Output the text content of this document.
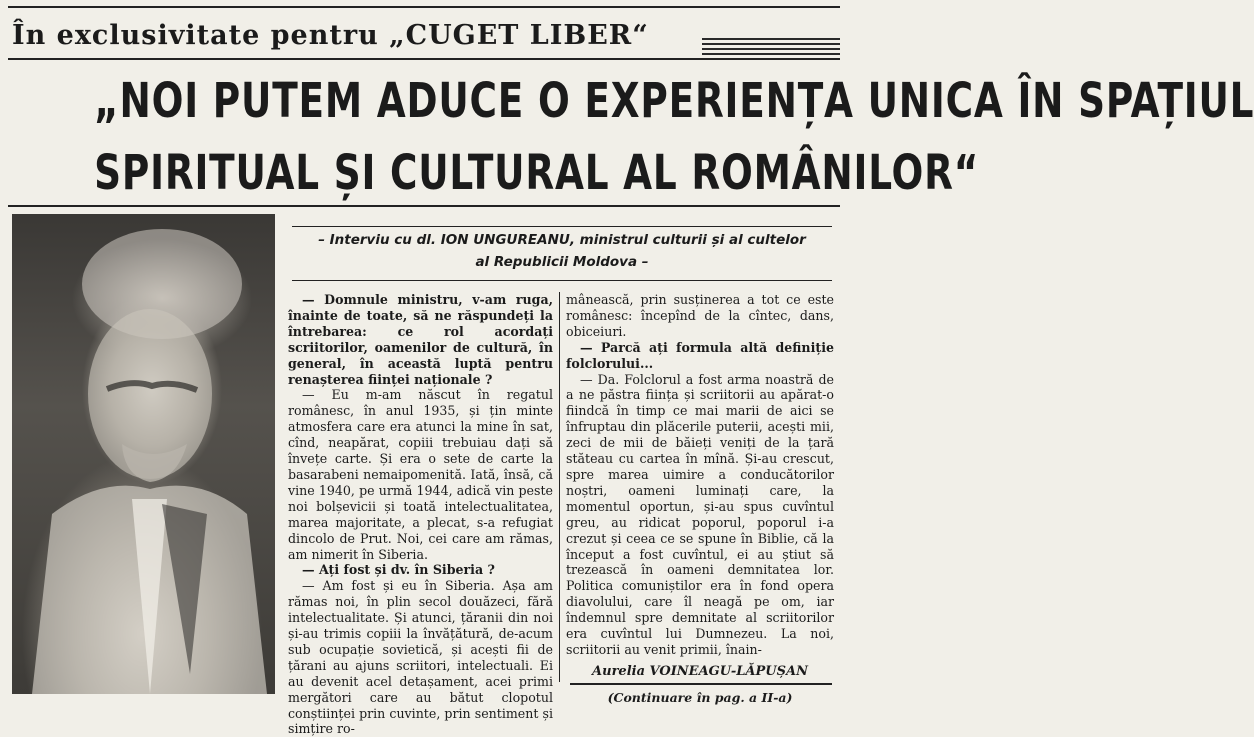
În exclusivitate pentru „CUGET LIBER“
„NOI PUTEM ADUCE O EXPERIENȚA UNICA ÎN SPAȚIUL
SPIRITUAL ȘI CULTURAL AL ROMÂNILOR“
– Interviu cu dl. ION UNGUREANU, ministrul culturii și al cultelor
al Republicii Moldova –

— Domnule ministru, v-am ruga, înainte de toate, să ne răspundeți la întrebarea: ce rol acordați scriitorilor, oamenilor de cultură, în general, în această luptă pentru renașterea ființei naționale ?

— Eu m-am născut în regatul românesc, în anul 1935, și țin minte atmosfera care era atunci la mine în sat, cînd, neapărat, copiii trebuiau dați să învețe carte. Și era o sete de carte la basarabeni nemaipomenită. Iată, însă, că vine 1940, pe urmă 1944, adică vin peste noi bolșevicii și toată intelectualitatea, marea majoritate, a plecat, s-a refugiat dincolo de Prut. Noi, cei care am rămas, am nimerit în Siberia.

— Ați fost și dv. în Siberia ?

— Am fost și eu în Siberia. Așa am rămas noi, în plin secol douăzeci, fără intelectualitate. Și atunci, țăranii din noi și-au trimis copiii la învățătură, de-acum sub ocupație sovietică, și acești fii de țărani au ajuns scriitori, intelectuali. Ei au devenit acel detașament, acei primi mergători care au bătut clopotul conștiinței prin cuvinte, prin sentiment și simțire ro-

mânească, prin susținerea a tot ce este românesc: începînd de la cîntec, dans, obiceiuri.

— Parcă ați formula altă definiție folclorului...

— Da. Folclorul a fost arma noastră de a ne păstra ființa și scriitorii au apărat-o fiindcă în timp ce mai marii de aici se înfruptau din plăcerile puterii, acești mii, zeci de mii de băieți veniți de la țară stăteau cu cartea în mînă. Și-au crescut, spre marea uimire a conducătorilor noștri, oameni luminați care, la momentul oportun, și-au spus cuvîntul greu, au ridicat poporul, poporul i-a crezut și ceea ce se spune în Biblie, că la început a fost cuvîntul, ei au știut să trezească în oameni demnitatea lor. Politica comuniștilor era în fond opera diavolului, care îl neagă pe om, iar îndemnul spre demnitate al scriitorilor era cuvîntul lui Dumnezeu. La noi, scriitorii au venit primii, înain-

Aurelia VOINEAGU-LĂPUȘAN
(Continuare în pag. a II-a)
